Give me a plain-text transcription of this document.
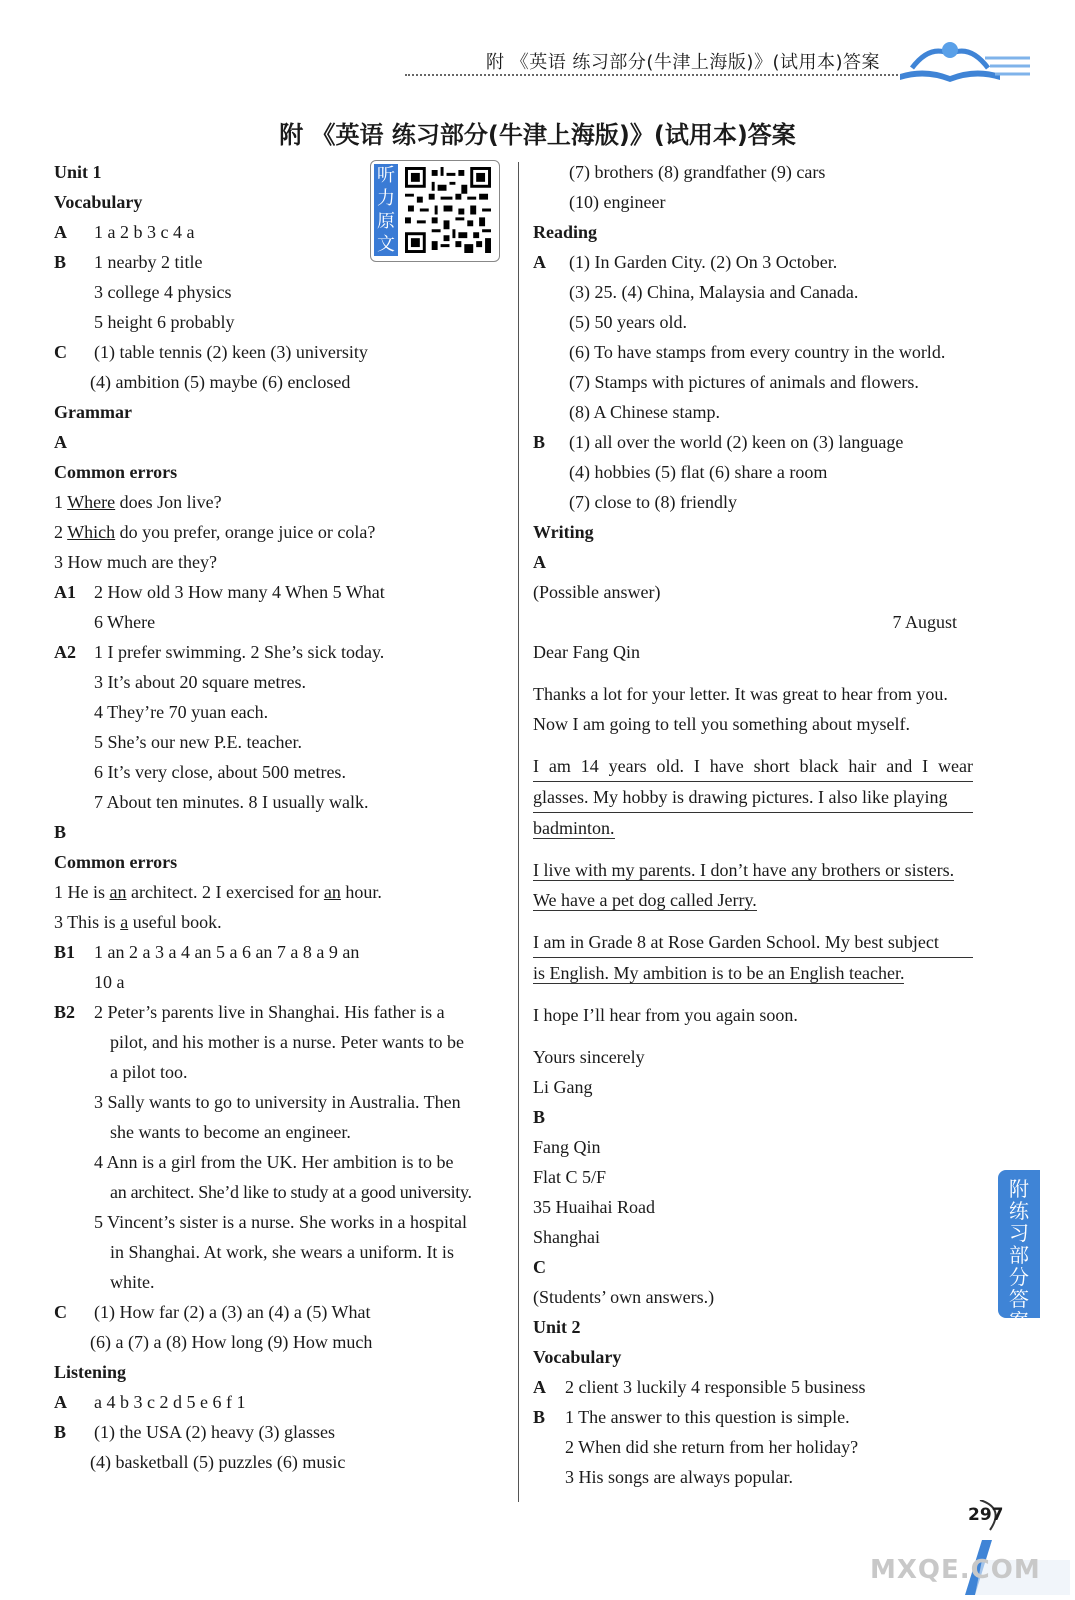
附 《英语 练习部分(牛津上海版)》(试用本)答案
附 《英语 练习部分(牛津上海版)》(试用本)答案
听力原文
Unit 1
Vocabulary
A 1 a 2 b 3 c 4 a
B 1 nearby 2 title
3 college 4 physics
5 height 6 probably
C (1) table tennis (2) keen (3) university
(4) ambition (5) maybe (6) enclosed
Grammar
A
Common errors
1 Where does Jon live?
2 Which do you prefer, orange juice or cola?
3 How much are they?
A1 2 How old 3 How many 4 When 5 What
6 Where
A2 1 I prefer swimming. 2 She’s sick today.
3 It’s about 20 square metres.
4 They’re 70 yuan each.
5 She’s our new P.E. teacher.
6 It’s very close, about 500 metres.
7 About ten minutes. 8 I usually walk.
B
Common errors
1 He is an architect. 2 I exercised for an hour.
3 This is a useful book.
B1 1 an 2 a 3 a 4 an 5 a 6 an 7 a 8 a 9 an
10 a
B2 2 Peter’s parents live in Shanghai. His father is a
pilot, and his mother is a nurse. Peter wants to be
a pilot too.
3 Sally wants to go to university in Australia. Then
she wants to become an engineer.
4 Ann is a girl from the UK. Her ambition is to be
an architect. She’d like to study at a good university.
5 Vincent’s sister is a nurse. She works in a hospital
in Shanghai. At work, she wears a uniform. It is
white.
C (1) How far (2) a (3) an (4) a (5) What
(6) a (7) a (8) How long (9) How much
Listening
A a 4 b 3 c 2 d 5 e 6 f 1
B (1) the USA (2) heavy (3) glasses
(4) basketball (5) puzzles (6) music
(7) brothers (8) grandfather (9) cars
(10) engineer
Reading
A (1) In Garden City. (2) On 3 October.
(3) 25. (4) China, Malaysia and Canada.
(5) 50 years old.
(6) To have stamps from every country in the world.
(7) Stamps with pictures of animals and flowers.
(8) A Chinese stamp.
B (1) all over the world (2) keen on (3) language
(4) hobbies (5) flat (6) share a room
(7) close to (8) friendly
Writing
A
(Possible answer)
7 August
Dear Fang Qin
Thanks a lot for your letter. It was great to hear from you.
Now I am going to tell you something about myself.
I am 14 years old. I have short black hair and I wear
glasses. My hobby is drawing pictures. I also like playing
badminton.
I live with my parents. I don’t have any brothers or sisters.
We have a pet dog called Jerry.
I am in Grade 8 at Rose Garden School. My best subject
is English. My ambition is to be an English teacher.
I hope I’ll hear from you again soon.
Yours sincerely
Li Gang
B
Fang Qin
Flat C 5/F
35 Huaihai Road
Shanghai
C
(Students’ own answers.)
Unit 2
Vocabulary
A 2 client 3 luckily 4 responsible 5 business
B 1 The answer to this question is simple.
2 When did she return from her holiday?
3 His songs are always popular.
附练习部分答案
297
MXQE.COM
